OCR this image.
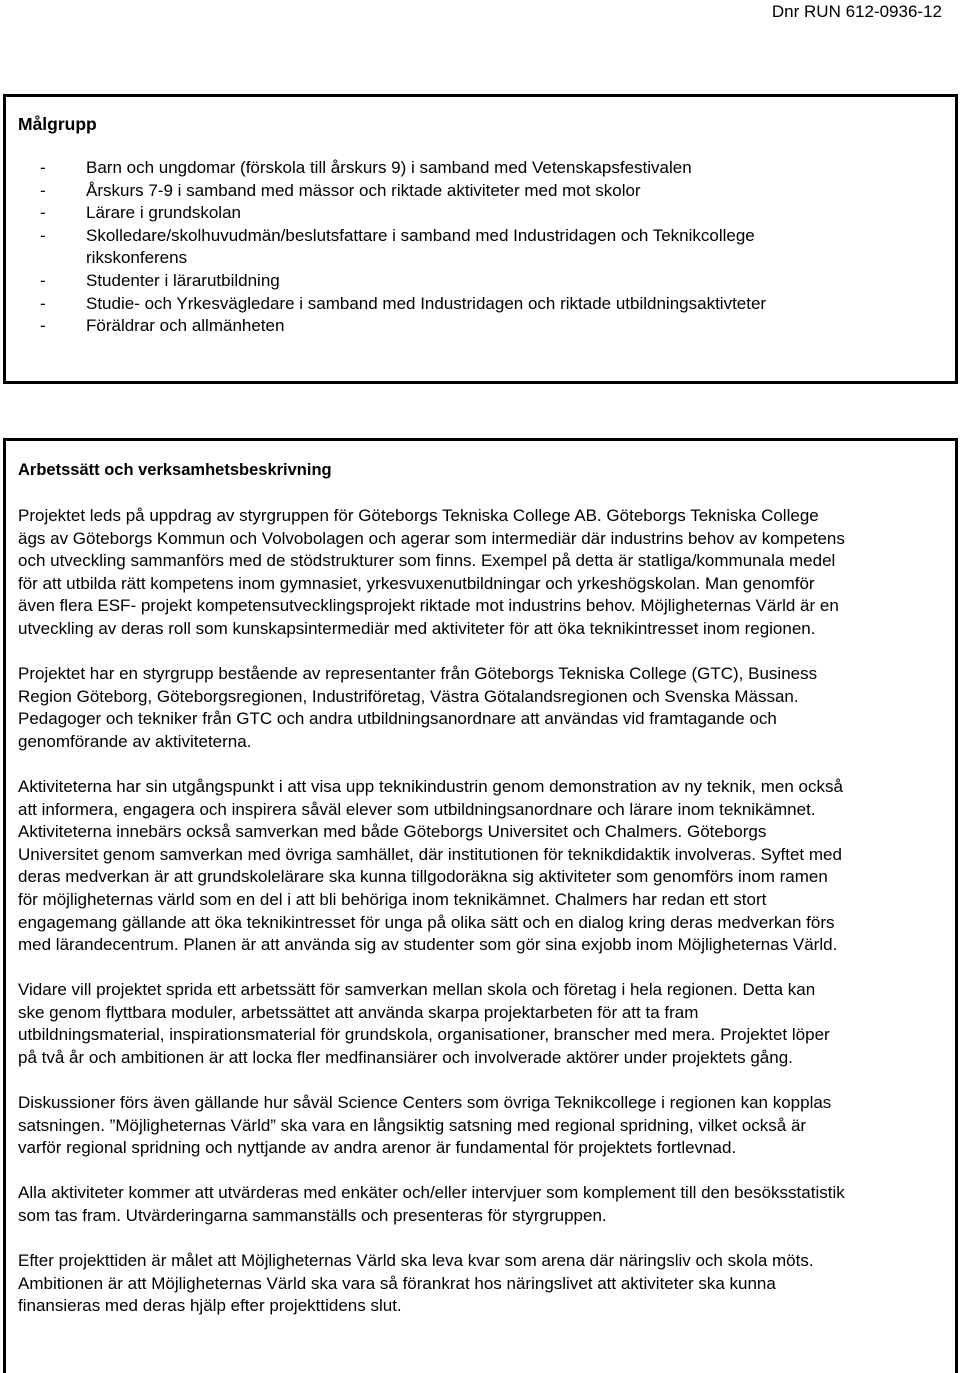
Dnr RUN 612-0936-12
Målgrupp
- Barn och ungdomar (förskola till årskurs 9) i samband med Vetenskapsfestivalen
- Årskurs 7-9 i samband med mässor och riktade aktiviteter med mot skolor
- Lärare i grundskolan
- Skolledare/skolhuvudmän/beslutsfattare i samband med Industridagen och Teknikcollege
rikskonferens
- Studenter i lärarutbildning
- Studie- och Yrkesvägledare i samband med Industridagen och riktade utbildningsaktivteter
- Föräldrar och allmänheten
Arbetssätt och verksamhetsbeskrivning

Projektet leds på uppdrag av styrgruppen för Göteborgs Tekniska College AB. Göteborgs Tekniska College
ägs av Göteborgs Kommun och Volvobolagen och agerar som intermediär där industrins behov av kompetens
och utveckling sammanförs med de stödstrukturer som finns. Exempel på detta är statliga/kommunala medel
för att utbilda rätt kompetens inom gymnasiet, yrkesvuxenutbildningar och yrkeshögskolan. Man genomför
även flera ESF- projekt kompetensutvecklingsprojekt riktade mot industrins behov. Möjligheternas Värld är en
utveckling av deras roll som kunskapsintermediär med aktiviteter för att öka teknikintresset inom regionen.

Projektet har en styrgrupp bestående av representanter från Göteborgs Tekniska College (GTC), Business
Region Göteborg, Göteborgsregionen, Industriföretag, Västra Götalandsregionen och Svenska Mässan.
Pedagoger och tekniker från GTC och andra utbildningsanordnare att användas vid framtagande och
genomförande av aktiviteterna.

Aktiviteterna har sin utgångspunkt i att visa upp teknikindustrin genom demonstration av ny teknik, men också
att informera, engagera och inspirera såväl elever som utbildningsanordnare och lärare inom teknikämnet.
Aktiviteterna innebärs också samverkan med både Göteborgs Universitet och Chalmers. Göteborgs
Universitet genom samverkan med övriga samhället, där institutionen för teknikdidaktik involveras. Syftet med
deras medverkan är att grundskolelärare ska kunna tillgodoräkna sig aktiviteter som genomförs inom ramen
för möjligheternas värld som en del i att bli behöriga inom teknikämnet. Chalmers har redan ett stort
engagemang gällande att öka teknikintresset för unga på olika sätt och en dialog kring deras medverkan förs
med lärandecentrum. Planen är att använda sig av studenter som gör sina exjobb inom Möjligheternas Värld.

Vidare vill projektet sprida ett arbetssätt för samverkan mellan skola och företag i hela regionen. Detta kan
ske genom flyttbara moduler, arbetssättet att använda skarpa projektarbeten för att ta fram
utbildningsmaterial, inspirationsmaterial för grundskola, organisationer, branscher med mera. Projektet löper
på två år och ambitionen är att locka fler medfinansiärer och involverade aktörer under projektets gång.

Diskussioner förs även gällande hur såväl Science Centers som övriga Teknikcollege i regionen kan kopplas
satsningen. ”Möjligheternas Värld” ska vara en långsiktig satsning med regional spridning, vilket också är
varför regional spridning och nyttjande av andra arenor är fundamental för projektets fortlevnad.

Alla aktiviteter kommer att utvärderas med enkäter och/eller intervjuer som komplement till den besöksstatistik
som tas fram. Utvärderingarna sammanställs och presenteras för styrgruppen.

Efter projekttiden är målet att Möjligheternas Värld ska leva kvar som arena där näringsliv och skola möts.
Ambitionen är att Möjligheternas Värld ska vara så förankrat hos näringslivet att aktiviteter ska kunna
finansieras med deras hjälp efter projekttidens slut.
